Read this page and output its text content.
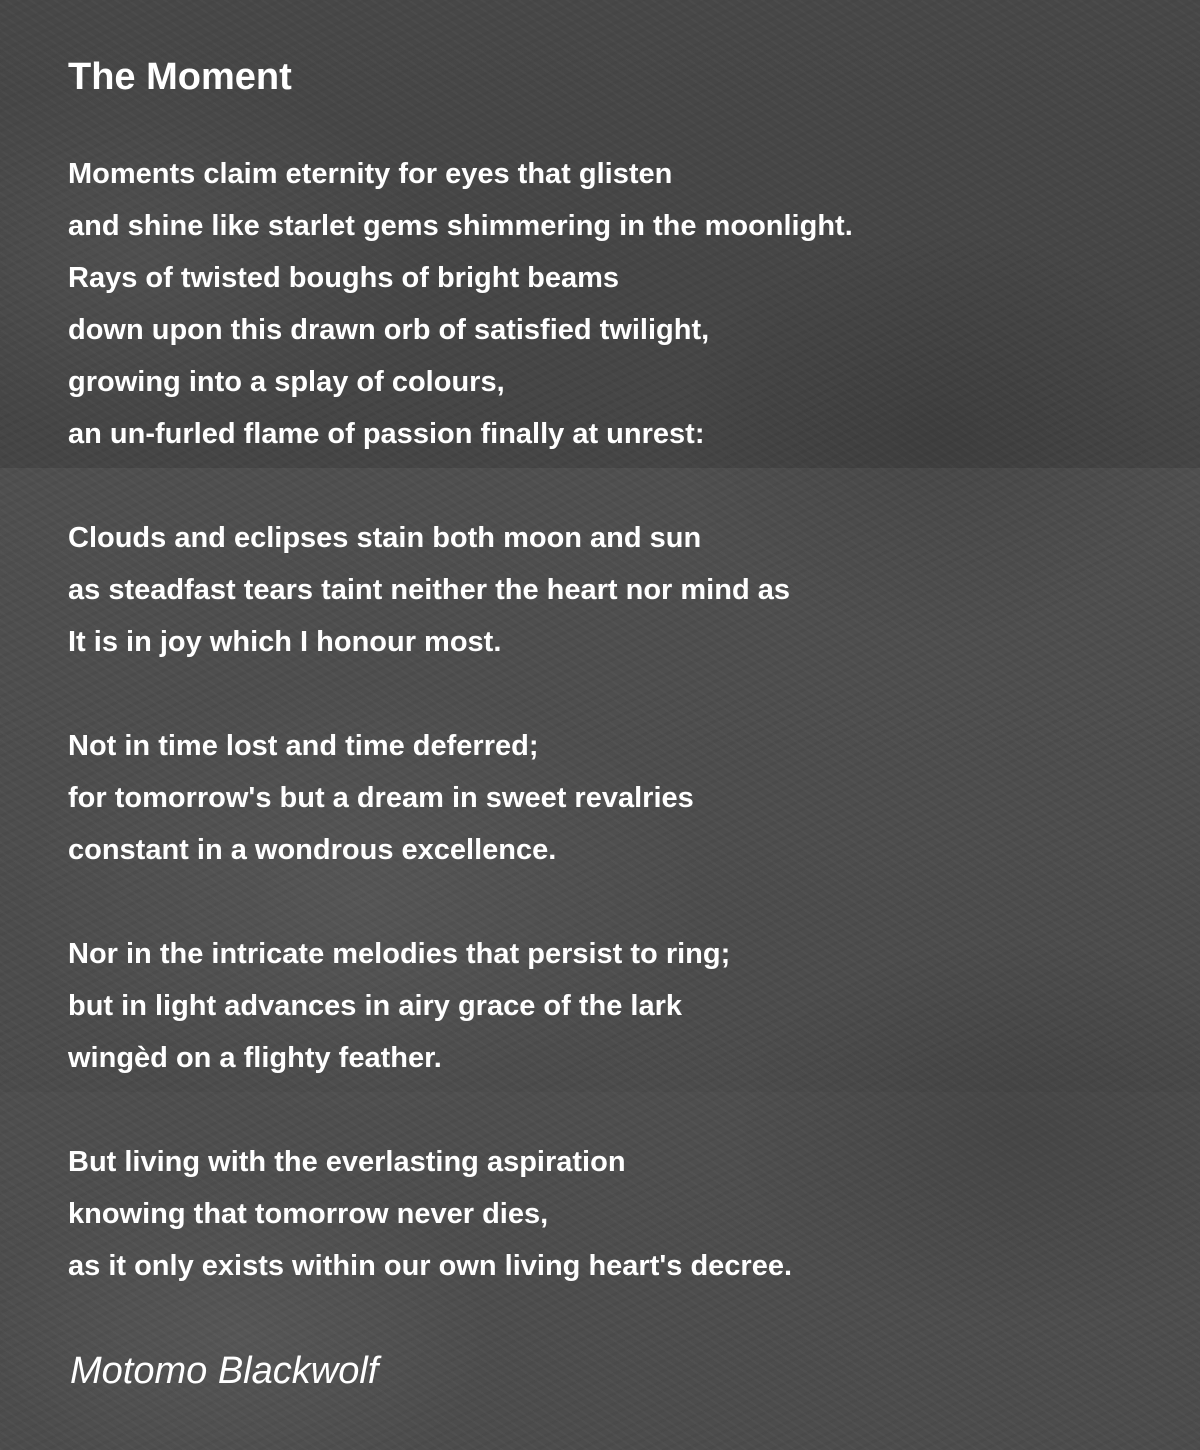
The Moment
Moments claim eternity for eyes that glisten
and shine like starlet gems shimmering in the moonlight.
Rays of twisted boughs of bright beams
down upon this drawn orb of satisfied twilight,
growing into a splay of colours,
an un-furled flame of passion finally at unrest:
Clouds and eclipses stain both moon and sun
as steadfast tears taint neither the heart nor mind as
It is in joy which I honour most.
Not in time lost and time deferred;
for tomorrow's but a dream in sweet revalries
constant in a wondrous excellence.
Nor in the intricate melodies that persist to ring;
but in light advances in airy grace of the lark
wingèd on a flighty feather.
But living with the everlasting aspiration
knowing that tomorrow never dies,
as it only exists within our own living heart's decree.

Motomo Blackwolf
